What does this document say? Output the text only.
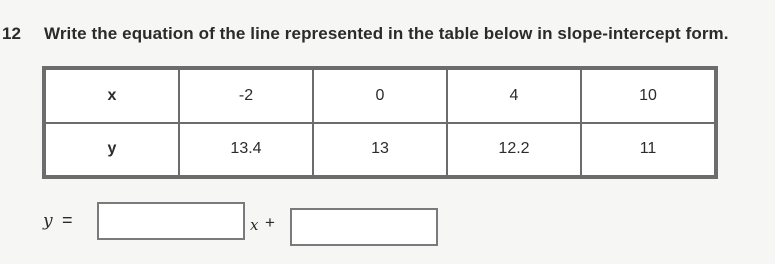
12 Write the equation of the line represented in the table below in slope-intercept form.
x	-2	0	4	10
y	13.4	13	12.2	11
y =	x +
